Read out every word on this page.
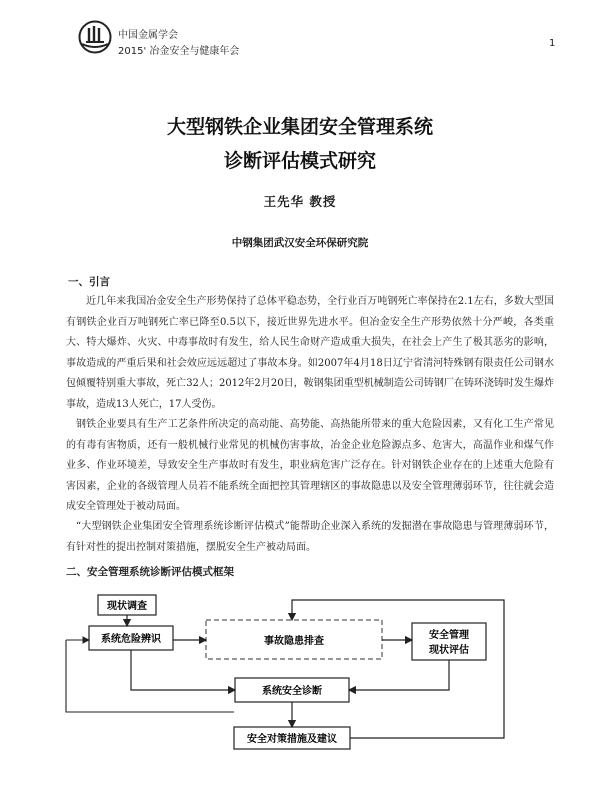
中国金属学会
2015' 冶金安全与健康年会
1
大型钢铁企业集团安全管理系统
诊断评估模式研究
王先华 教授
中钢集团武汉安全环保研究院
一、引言

近几年来我国冶金安全生产形势保持了总体平稳态势，全行业百万吨钢死亡率保持在2.1左右，多数大型国有钢铁企业百万吨钢死亡率已降至0.5以下，接近世界先进水平。但冶金安全生产形势依然十分严峻，各类重大、特大爆炸、火灾、中毒事故时有发生，给人民生命财产造成重大损失，在社会上产生了极其恶劣的影响，事故造成的严重后果和社会效应远远超过了事故本身。如2007年4月18日辽宁省清河特殊钢有限责任公司钢水包倾覆特别重大事故，死亡32人；2012年2月20日，鞍钢集团重型机械制造公司铸钢厂在铸环浇铸时发生爆炸事故，造成13人死亡，17人受伤。

钢铁企业要具有生产工艺条件所决定的高动能、高势能、高热能所带来的重大危险因素，又有化工生产常见的有毒有害物质，还有一般机械行业常见的机械伤害事故，冶金企业危险源点多、危害大，高温作业和煤气作业多、作业环境差，导致安全生产事故时有发生，职业病危害广泛存在。针对钢铁企业存在的上述重大危险有害因素，企业的各级管理人员若不能系统全面把控其管理辖区的事故隐患以及安全管理薄弱环节，往往就会造成安全管理处于被动局面。

“大型钢铁企业集团安全管理系统诊断评估模式”能帮助企业深入系统的发掘潜在事故隐患与管理薄弱环节，有针对性的提出控制对策措施，摆脱安全生产被动局面。

二、安全管理系统诊断评估模式框架
现状调查
系统危险辨识	事故隐患排查
安全管理
现状评估
系统安全诊断
安全对策措施及建议
